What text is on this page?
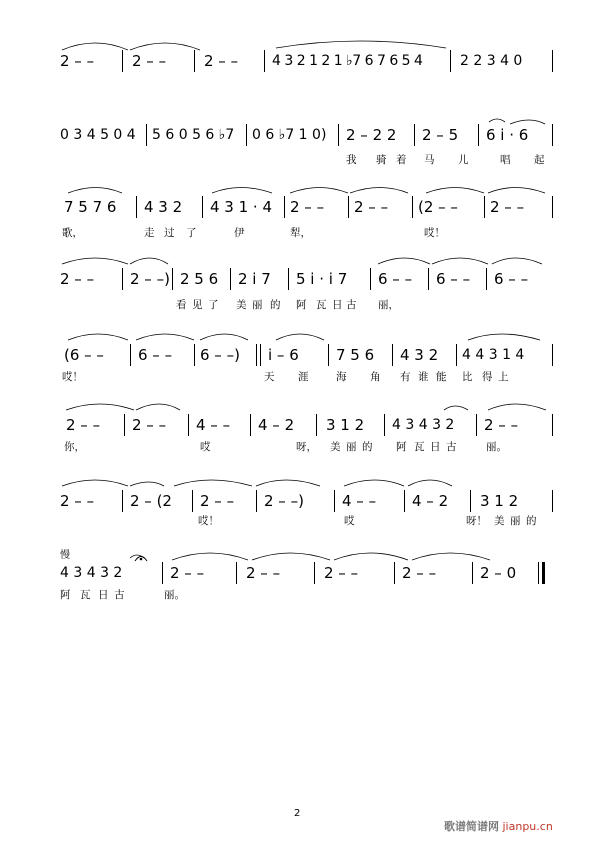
2 – –	2 – –	2 – – 4 3 2 1 2 1 ♭7 6 7 6 5 4	2 2 3 4 0
0 3 4 5 0 4 5 6 0 5 6 ♭7 0 6 ♭7 1 0) 2 – 2 2 2 – 5 6 i · 6
我 骑 着 马 儿	唱 起
7 5 7 6 4 3 2 4 3 1 · 4 2 – – 2 – – (2 – – 2 – –
歌，	走 过 了	伊	犁，	哎！
2 – – 2 – –) 2 5 6 2 i 7 5 i · i 7 6 – – 6 – – 6 – –
看 见 了 美 丽 的 阿 瓦 日 古 丽，
(6 – – 6 – – 6 – –) i – 6 7 5 6 4 3 2 4 4 3 1 4
哎！	天 涯	海 角 有 谁 能 比 得 上
2 – – 2 – – 4 – – 4 – 2 3 1 2 4 3 4 3 2 2 – –
你，	哎	呀， 美 丽 的 阿 瓦 日 古	丽。
2 – – 2 – (2 2 – – 2 – –)	4 – – 4 – 2 3 1 2
哎！	哎	呀！ 美 丽 的
慢
4 3 4 3 2	2 – –	2 – –	2 – –	2 – –	2 – 0
阿 瓦 日 古	丽。
2
歌谱简谱网 jianpu.cn
